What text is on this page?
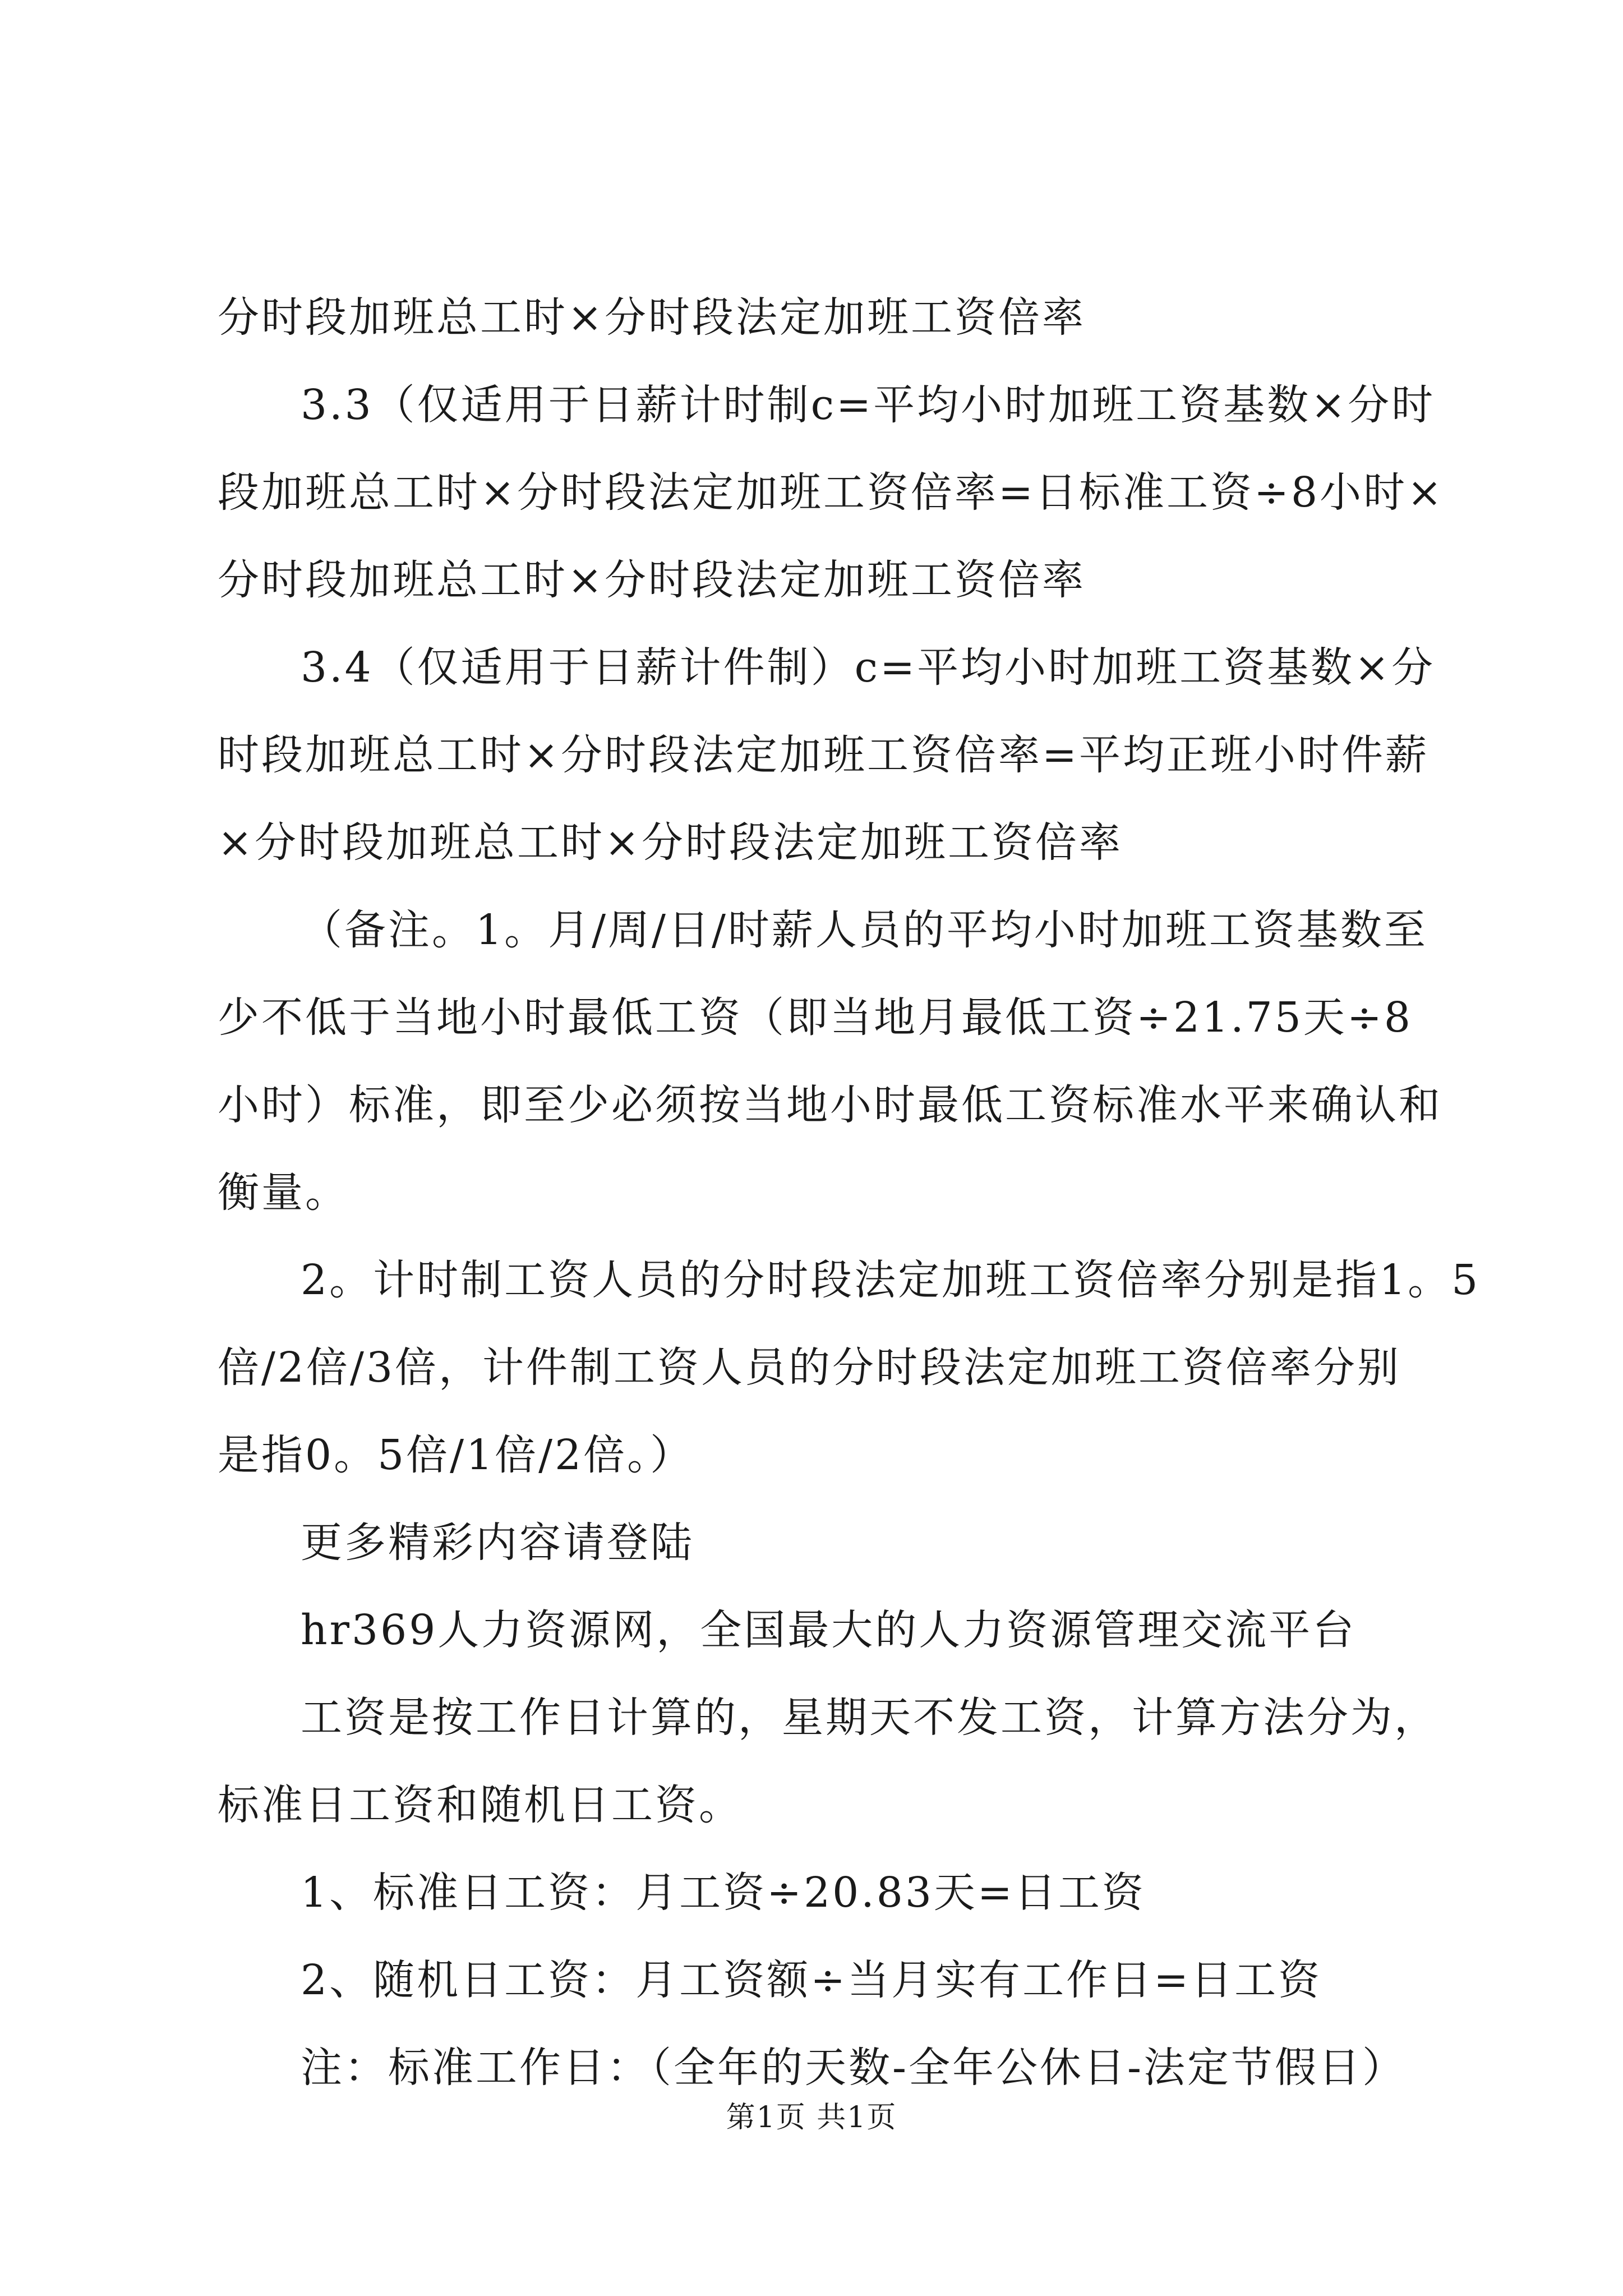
分时段加班总工时×分时段法定加班工资倍率
3.3（仅适用于日薪计时制c=平均小时加班工资基数×分时
段加班总工时×分时段法定加班工资倍率=日标准工资÷8小时×
分时段加班总工时×分时段法定加班工资倍率
3.4（仅适用于日薪计件制）c=平均小时加班工资基数×分
时段加班总工时×分时段法定加班工资倍率=平均正班小时件薪
×分时段加班总工时×分时段法定加班工资倍率
（备注。1。月/周/日/时薪人员的平均小时加班工资基数至
少不低于当地小时最低工资（即当地月最低工资÷21.75天÷8
小时）标准，即至少必须按当地小时最低工资标准水平来确认和
衡量。
2。计时制工资人员的分时段法定加班工资倍率分别是指1。5
倍/2倍/3倍，计件制工资人员的分时段法定加班工资倍率分别
是指0。5倍/1倍/2倍。）
更多精彩内容请登陆
hr369人力资源网，全国最大的人力资源管理交流平台
工资是按工作日计算的，星期天不发工资，计算方法分为，
标准日工资和随机日工资。
1、标准日工资：月工资÷20.83天=日工资
2、随机日工资：月工资额÷当月实有工作日=日工资
注：标准工作日：（全年的天数-全年公休日-法定节假日）
第1页 共1页
